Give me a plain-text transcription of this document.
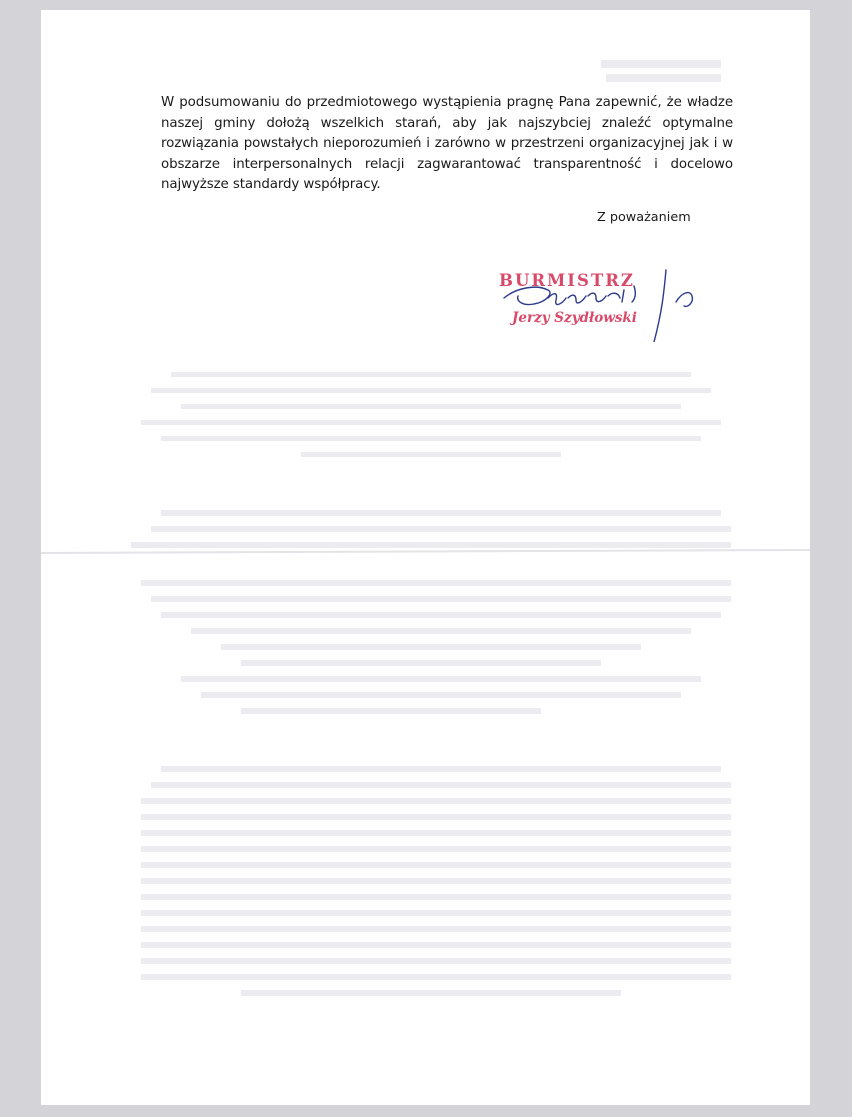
W podsumowaniu do przedmiotowego wystąpienia pragnę Pana zapewnić, że władze naszej gminy dołożą wszelkich starań, aby jak najszybciej znaleźć optymalne rozwiązania powstałych nieporozumień i zarówno w przestrzeni organizacyjnej jak i w obszarze interpersonalnych relacji zagwarantować transparentność i docelowo najwyższe standardy współpracy.

Z poważaniem

BURMISTRZ
Jerzy Szydłowski
